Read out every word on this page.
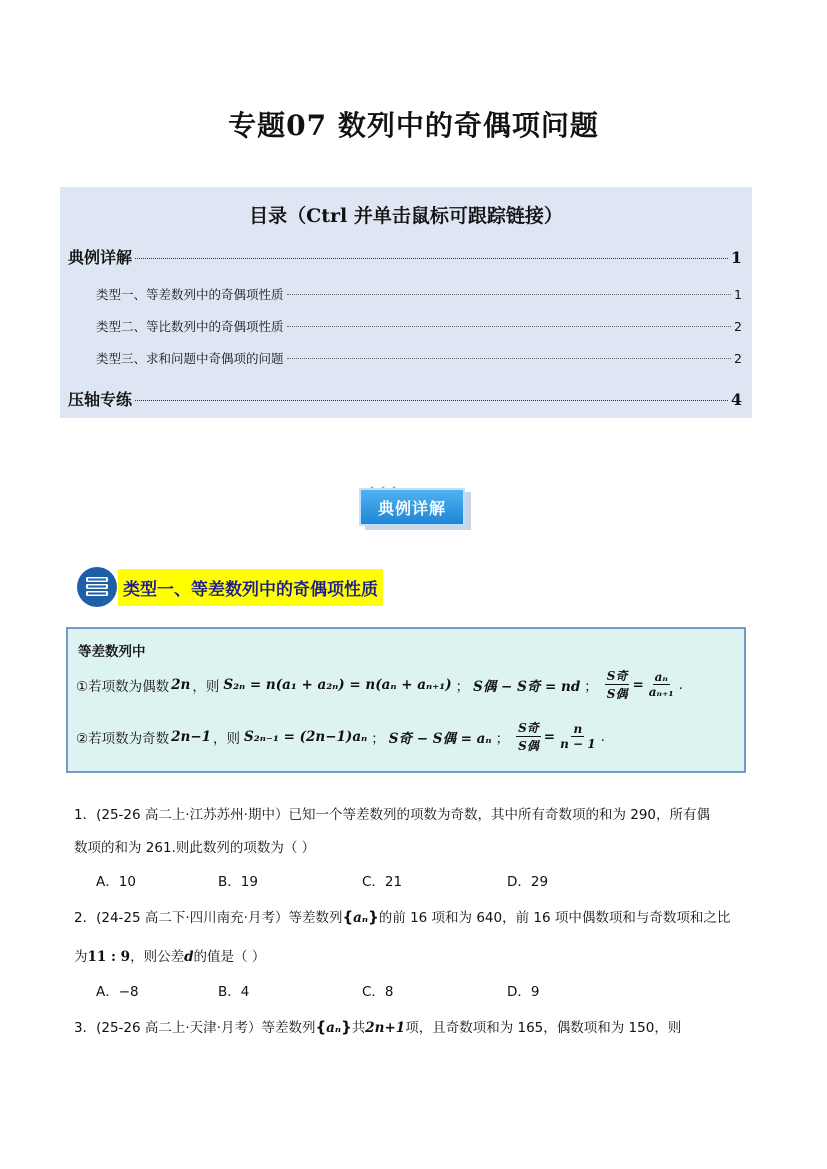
专题07 数列中的奇偶项问题
目录（Ctrl 并单击鼠标可跟踪链接）
典例详解	1
类型一、等差数列中的奇偶项性质	1
类型二、等比数列中的奇偶项性质	2
类型三、求和问题中奇偶项的问题	2
压轴专练	4
典例详解
类型一、等差数列中的奇偶项性质
等差数列中
①若项数为偶数 2n ，则 S₂ₙ = n(a₁ + a₂ₙ) = n(aₙ + aₙ₊₁) ； S偶 − S奇 = nd ； $\frac{\text{S奇}}{\text{S偶}} = \frac{\text{aₙ}}{\text{aₙ₊₁}}$ .
②若项数为奇数 2n−1 ，则 S₂ₙ₋₁ = (2n−1)aₙ ； S奇 − S偶 = aₙ ； $\frac{\text{S奇}}{\text{S偶}} = \frac{n}{n - 1}$ .
1．(25-26 高二上·江苏苏州·期中）已知一个等差数列的项数为奇数，其中所有奇数项的和为 290，所有偶
数项的和为 261.则此数列的项数为（ ）
A．10	B．19	C．21	D．29
2．(24-25 高二下·四川南充·月考）等差数列{aₙ}的前 16 项和为 640，前 16 项中偶数项和与奇数项和之比
为11 : 9，则公差d的值是（ ）
A．−8	B．4	C．8	D．9
3．(25-26 高二上·天津·月考）等差数列{aₙ}共2n+1项，且奇数项和为 165，偶数项和为 150，则
